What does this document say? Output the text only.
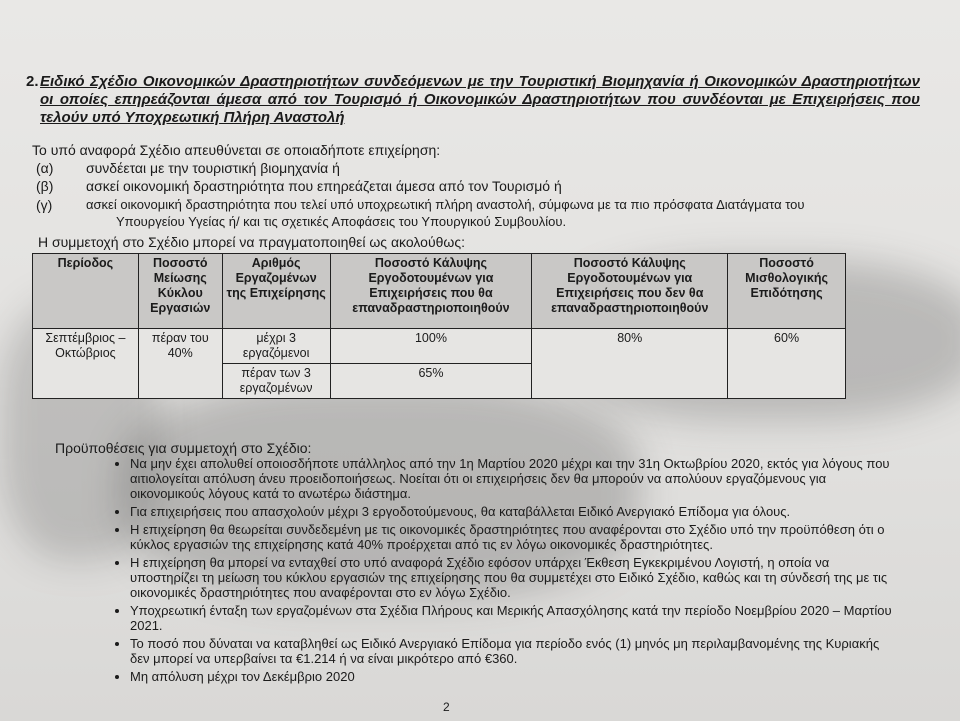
2. Ειδικό Σχέδιο Οικονομικών Δραστηριοτήτων συνδεόμενων με την Τουριστική Βιομηχανία ή Οικονομικών Δραστηριοτήτων οι οποίες επηρεάζονται άμεσα από τον Τουρισμό ή Οικονομικών Δραστηριοτήτων που συνδέονται με Επιχειρήσεις που τελούν υπό Υποχρεωτική Πλήρη Αναστολή
Το υπό αναφορά Σχέδιο απευθύνεται σε οποιαδήποτε επιχείρηση:
(α) συνδέεται με την τουριστική βιομηχανία ή
(β) ασκεί οικονομική δραστηριότητα που επηρεάζεται άμεσα από τον Τουρισμό ή
(γ)	ασκεί οικονομική δραστηριότητα που τελεί υπό υποχρεωτική πλήρη αναστολή, σύμφωνα με τα πιο πρόσφατα Διατάγματα του
Υπουργείου Υγείας ή/ και τις σχετικές Αποφάσεις του Υπουργικού Συμβουλίου.
Η συμμετοχή στο Σχέδιο μπορεί να πραγματοποιηθεί ως ακολούθως:
Περίοδος	Ποσοστό Μείωσης Κύκλου Εργασιών	Αριθμός Εργαζομένων της Επιχείρησης	Ποσοστό Κάλυψης Εργοδοτουμένων για Επιχειρήσεις που θα επαναδραστηριοποιηθούν	Ποσοστό Κάλυψης Εργοδοτουμένων για Επιχειρήσεις που δεν θα επαναδραστηριοποιηθούν	Ποσοστό Μισθολογικής Επιδότησης
Σεπτέμβριος – Οκτώβριος	πέραν του 40%	μέχρι 3 εργαζόμενοι	100%	80%	60%
		πέραν των 3 εργαζομένων	65%		
Προϋποθέσεις για συμμετοχή στο Σχέδιο:
• Να μην έχει απολυθεί οποιοσδήποτε υπάλληλος από την 1η Μαρτίου 2020 μέχρι και την 31η Οκτωβρίου 2020, εκτός για λόγους που αιτιολογείται απόλυση άνευ προειδοποιήσεως. Νοείται ότι οι επιχειρήσεις δεν θα μπορούν να απολύουν εργαζόμενους για οικονομικούς λόγους κατά το ανωτέρω διάστημα.
• Για επιχειρήσεις που απασχολούν μέχρι 3 εργοδοτούμενους, θα καταβάλλεται Ειδικό Ανεργιακό Επίδομα για όλους.
• Η επιχείρηση θα θεωρείται συνδεδεμένη με τις οικονομικές δραστηριότητες που αναφέρονται στο Σχέδιο υπό την προϋπόθεση ότι ο κύκλος εργασιών της επιχείρησης κατά 40% προέρχεται από τις εν λόγω οικονομικές δραστηριότητες.
• Η επιχείρηση θα μπορεί να ενταχθεί στο υπό αναφορά Σχέδιο εφόσον υπάρχει Έκθεση Εγκεκριμένου Λογιστή, η οποία να υποστηρίζει τη μείωση του κύκλου εργασιών της επιχείρησης που θα συμμετέχει στο Ειδικό Σχέδιο, καθώς και τη σύνδεσή της με τις οικονομικές δραστηριότητες που αναφέρονται στο εν λόγω Σχέδιο.
• Υποχρεωτική ένταξη των εργαζομένων στα Σχέδια Πλήρους και Μερικής Απασχόλησης κατά την περίοδο Νοεμβρίου 2020 – Μαρτίου 2021.
• Το ποσό που δύναται να καταβληθεί ως Ειδικό Ανεργιακό Επίδομα για περίοδο ενός (1) μηνός μη περιλαμβανομένης της Κυριακής δεν μπορεί να υπερβαίνει τα €1.214 ή να είναι μικρότερο από €360.
• Μη απόλυση μέχρι τον Δεκέμβριο 2020
2
